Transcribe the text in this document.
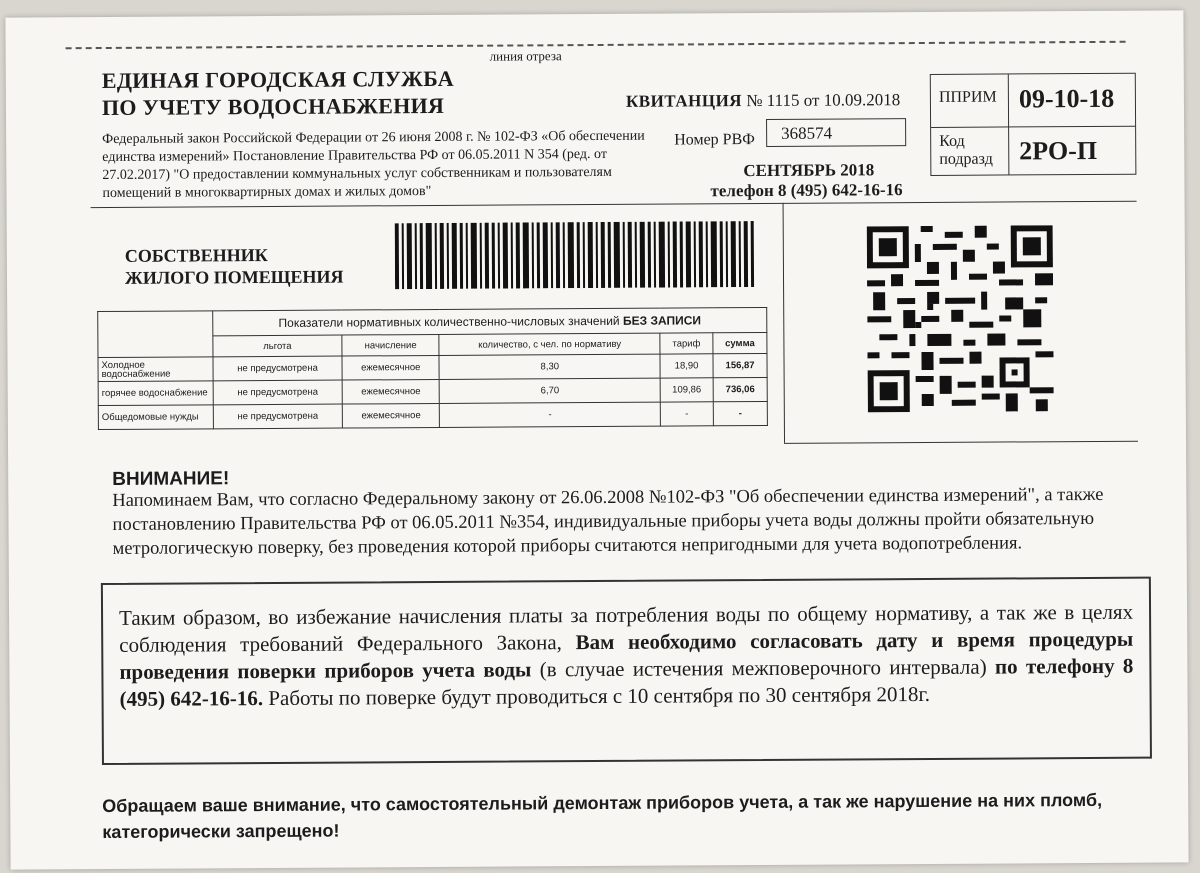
линия отреза
ЕДИНАЯ ГОРОДСКАЯ СЛУЖБА
ПО УЧЕТУ ВОДОСНАБЖЕНИЯ
Федеральный закон Российской Федерации от 26 июня 2008 г. № 102-ФЗ «Об обеспечении единства измерений» Постановление Правительства РФ от 06.05.2011 N 354 (ред. от 27.02.2017) "О предоставлении коммунальных услуг собственникам и пользователям помещений в многоквартирных домах и жилых домов"
КВИТАНЦИЯ № 1115 от 10.09.2018
Номер РВФ	368574
СЕНТЯБРЬ 2018
телефон 8 (495) 642-16-16
ППРИМ 09-10-18
Код подразд	2РО-П
СОБСТВЕННИК
ЖИЛОГО ПОМЕЩЕНИЯ
	Показатели нормативных количественно-числовых значений БЕЗ ЗАПИСИ				
	льгота	начисление	количество, с чел. по нормативу	тариф	сумма
Холодное водоснабжение	не предусмотрена	ежемесячное	8,30	18,90	156,87
горячее водоснабжение	не предусмотрена	ежемесячное	6,70	109,86	736,06
Общедомовые нужды	не предусмотрена	ежемесячное	-	-	-
ВНИМАНИЕ!
Напоминаем Вам, что согласно Федеральному закону от 26.06.2008 №102-ФЗ "Об обеспечении единства измерений", а также постановлению Правительства РФ от 06.05.2011 №354, индивидуальные приборы учета воды должны пройти обязательную метрологическую поверку, без проведения которой приборы считаются непригодными для учета водопотребления.
Таким образом, во избежание начисления платы за потребления воды по общему нормативу, а так же в целях соблюдения требований Федерального Закона, Вам необходимо согласовать дату и время процедуры проведения поверки приборов учета воды (в случае истечения межповерочного интервала) по телефону 8 (495) 642-16-16. Работы по поверке будут проводиться с 10 сентября по 30 сентября 2018г.
Обращаем ваше внимание, что самостоятельный демонтаж приборов учета, а так же нарушение на них пломб, категорически запрещено!
